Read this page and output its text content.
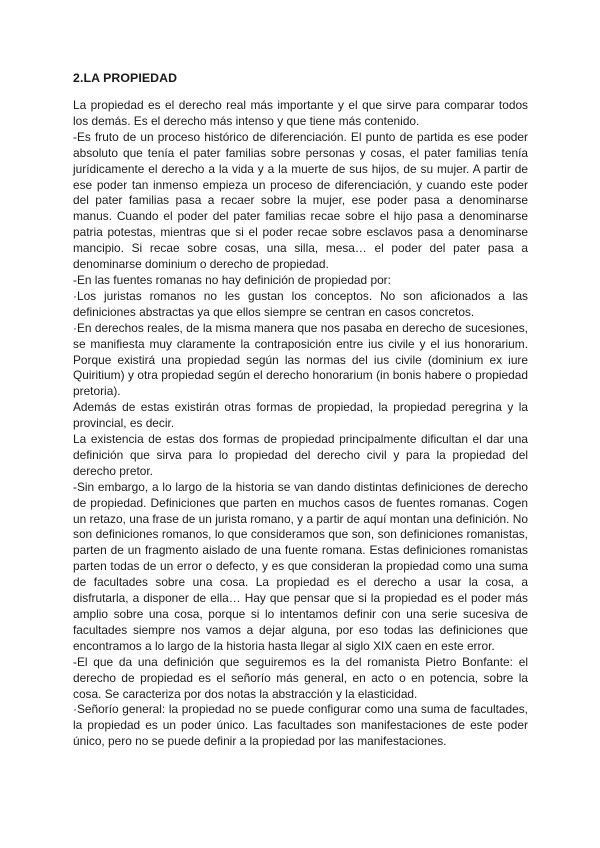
2.LA PROPIEDAD

La propiedad es el derecho real más importante y el que sirve para comparar todos los demás. Es el derecho más intenso y que tiene más contenido.

-Es fruto de un proceso histórico de diferenciación. El punto de partida es ese poder absoluto que tenía el pater familias sobre personas y cosas, el pater familias tenía jurídicamente el derecho a la vida y a la muerte de sus hijos, de su mujer. A partir de ese poder tan inmenso empieza un proceso de diferenciación, y cuando este poder del pater familias pasa a recaer sobre la mujer, ese poder pasa a denominarse manus. Cuando el poder del pater familias recae sobre el hijo pasa a denominarse patria potestas, mientras que si el poder recae sobre esclavos pasa a denominarse mancipio. Si recae sobre cosas, una silla, mesa… el poder del pater pasa a denominarse dominium o derecho de propiedad.

-En las fuentes romanas no hay definición de propiedad por:

·Los juristas romanos no les gustan los conceptos. No son aficionados a las definiciones abstractas ya que ellos siempre se centran en casos concretos.

·En derechos reales, de la misma manera que nos pasaba en derecho de sucesiones, se manifiesta muy claramente la contraposición entre ius civile y el ius honorarium. Porque existirá una propiedad según las normas del ius civile (dominium ex iure Quiritium) y otra propiedad según el derecho honorarium (in bonis habere o propiedad pretoria).

Además de estas existirán otras formas de propiedad, la propiedad peregrina y la provincial, es decir.

La existencia de estas dos formas de propiedad principalmente dificultan el dar una definición que sirva para lo propiedad del derecho civil y para la propiedad del derecho pretor.

-Sin embargo, a lo largo de la historia se van dando distintas definiciones de derecho de propiedad. Definiciones que parten en muchos casos de fuentes romanas. Cogen un retazo, una frase de un jurista romano, y a partir de aquí montan una definición. No son definiciones romanos, lo que consideramos que son, son definiciones romanistas, parten de un fragmento aislado de una fuente romana. Estas definiciones romanistas parten todas de un error o defecto, y es que consideran la propiedad como una suma de facultades sobre una cosa. La propiedad es el derecho a usar la cosa, a disfrutarla, a disponer de ella… Hay que pensar que si la propiedad es el poder más amplio sobre una cosa, porque si lo intentamos definir con una serie sucesiva de facultades siempre nos vamos a dejar alguna, por eso todas las definiciones que encontramos a lo largo de la historia hasta llegar al siglo XIX caen en este error.

-El que da una definición que seguiremos es la del romanista Pietro Bonfante: el derecho de propiedad es el señorío más general, en acto o en potencia, sobre la cosa. Se caracteriza por dos notas la abstracción y la elasticidad.

·Señorío general: la propiedad no se puede configurar como una suma de facultades, la propiedad es un poder único. Las facultades son manifestaciones de este poder único, pero no se puede definir a la propiedad por las manifestaciones.
